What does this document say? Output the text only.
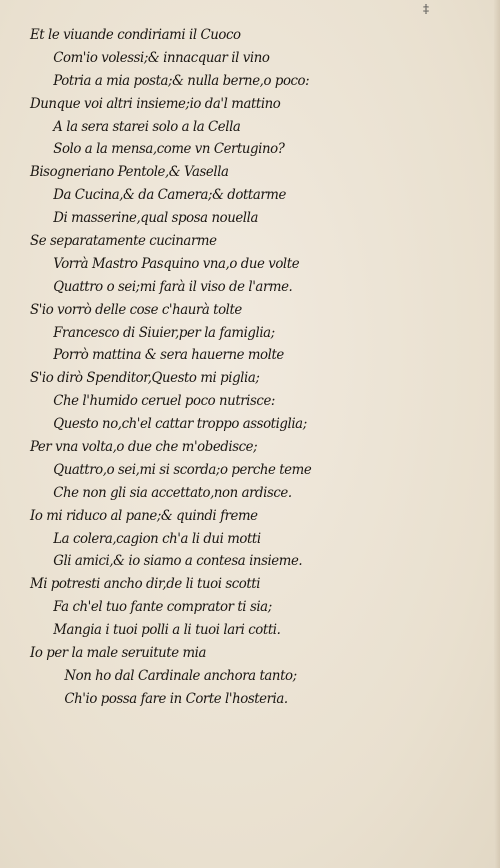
‡
Et le viuande condiriami il Cuoco
Com'io volessi;& innacquar il vino
Potria a mia posta;& nulla berne,o poco:
Dunque voi altri insieme;io da'l mattino
A la sera starei solo a la Cella
Solo a la mensa,come vn Certugino?
Bisogneriano Pentole,& Vasella
Da Cucina,& da Camera;& dottarme
Di masserine,qual sposa nouella
Se separatamente cucinarme
Vorrà Mastro Pasquino vna,o due volte
Quattro o sei;mi farà il viso de l'arme.
S'io vorrò delle cose c'haurà tolte
Francesco di Siuier,per la famiglia;
Porrò mattina & sera hauerne molte
S'io dirò Spenditor,Questo mi piglia;
Che l'humido ceruel poco nutrisce:
Questo no,ch'el cattar troppo assotiglia;
Per vna volta,o due che m'obedisce;
Quattro,o sei,mi si scorda;o perche teme
Che non gli sia accettato,non ardisce.
Io mi riduco al pane;& quindi freme
La colera,cagion ch'a li dui motti
Gli amici,& io siamo a contesa insieme.
Mi potresti ancho dir,de li tuoi scotti
Fa ch'el tuo fante comprator ti sia;
Mangia i tuoi polli a li tuoi lari cotti.
Io per la male seruitute mia
Non ho dal Cardinale anchora tanto;
Ch'io possa fare in Corte l'hosteria.
